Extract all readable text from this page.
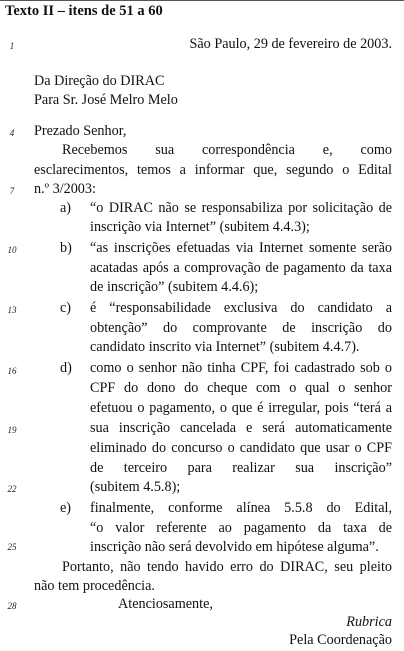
Texto II – itens de 51 a 60
1
4
7
10
13
16
19
22
25
28
São Paulo, 29 de fevereiro de 2003.
Da Direção do DIRAC
Para Sr. José Melro Melo
Prezado Senhor,
Recebemos sua correspondência e, como
esclarecimentos, temos a informar que, segundo o Edital
n.º 3/2003:
a) “o DIRAC não se responsabiliza por solicitação de
inscrição via Internet” (subitem 4.4.3);
b) “as inscrições efetuadas via Internet somente serão
acatadas após a comprovação de pagamento da taxa
de inscrição” (subitem 4.4.6);
c) é “responsabilidade exclusiva do candidato a
obtenção” do comprovante de inscrição do
candidato inscrito via Internet” (subitem 4.4.7).
d) como o senhor não tinha CPF, foi cadastrado sob o
CPF do dono do cheque com o qual o senhor
efetuou o pagamento, o que é irregular, pois “terá a
sua inscrição cancelada e será automaticamente
eliminado do concurso o candidato que usar o CPF
de terceiro para realizar sua inscrição”
(subitem 4.5.8);
e) finalmente, conforme alínea 5.5.8 do Edital,
“o valor referente ao pagamento da taxa de
inscrição não será devolvido em hipótese alguma”.
Portanto, não tendo havido erro do DIRAC, seu pleito
não tem procedência.
Atenciosamente,
Rubrica
Pela Coordenação
